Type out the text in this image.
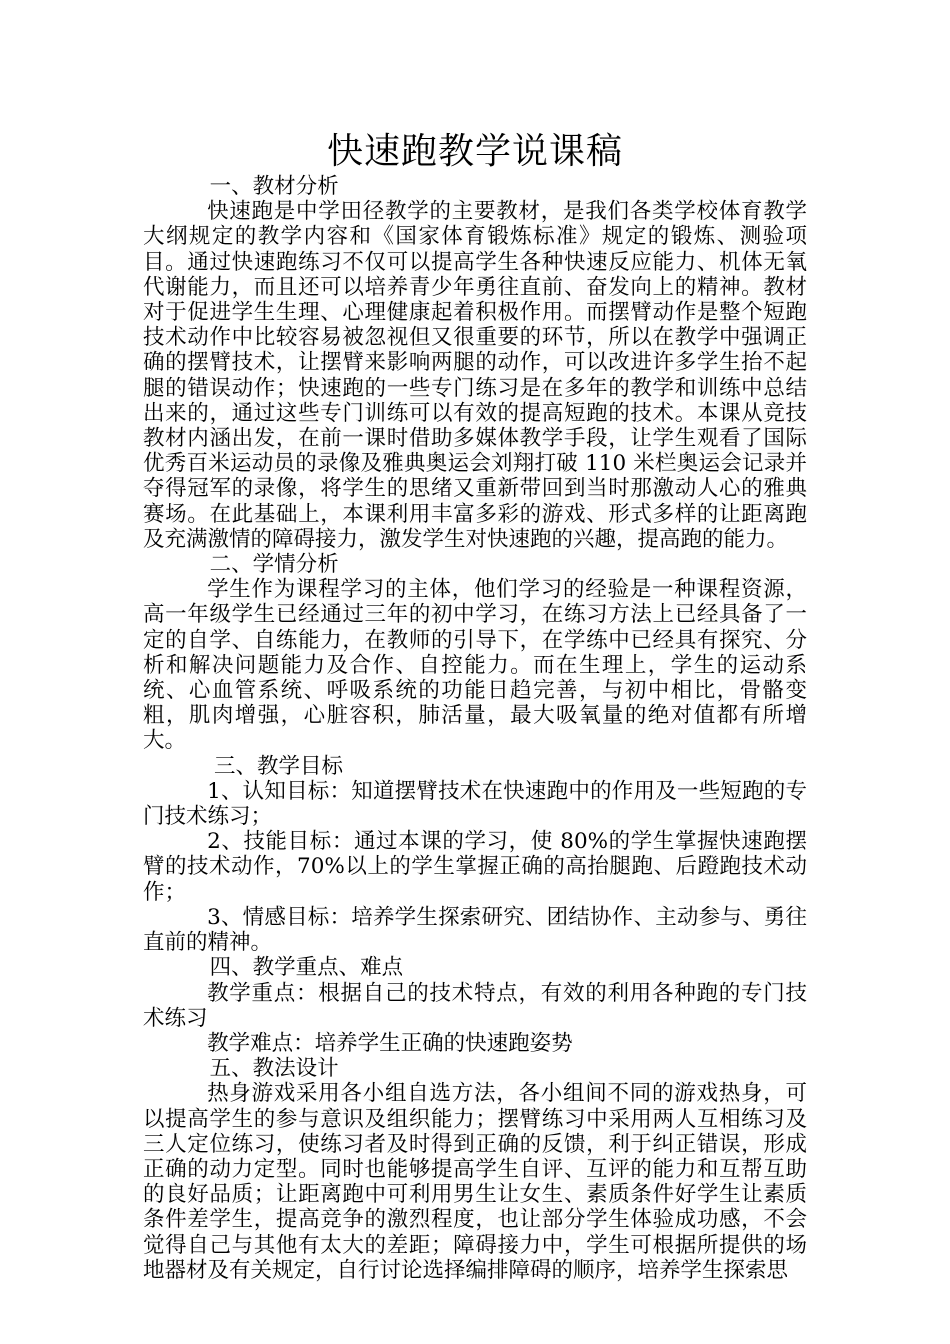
快速跑教学说课稿

一、教材分析

快速跑是中学田径教学的主要教材，是我们各类学校体育教学大纲规定的教学内容和《国家体育锻炼标准》规定的锻炼、测验项目。通过快速跑练习不仅可以提高学生各种快速反应能力、机体无氧代谢能力，而且还可以培养青少年勇往直前、奋发向上的精神。教材对于促进学生生理、心理健康起着积极作用。而摆臂动作是整个短跑技术动作中比较容易被忽视但又很重要的环节，所以在教学中强调正确的摆臂技术，让摆臂来影响两腿的动作，可以改进许多学生抬不起腿的错误动作；快速跑的一些专门练习是在多年的教学和训练中总结出来的，通过这些专门训练可以有效的提高短跑的技术。本课从竞技教材内涵出发，在前一课时借助多媒体教学手段，让学生观看了国际优秀百米运动员的录像及雅典奥运会刘翔打破 110 米栏奥运会记录并夺得冠军的录像，将学生的思绪又重新带回到当时那激动人心的雅典赛场。在此基础上，本课利用丰富多彩的游戏、形式多样的让距离跑及充满激情的障碍接力，激发学生对快速跑的兴趣，提高跑的能力。

二、学情分析

学生作为课程学习的主体，他们学习的经验是一种课程资源，高一年级学生已经通过三年的初中学习，在练习方法上已经具备了一定的自学、自练能力，在教师的引导下，在学练中已经具有探究、分析和解决问题能力及合作、自控能力。而在生理上，学生的运动系统、心血管系统、呼吸系统的功能日趋完善，与初中相比，骨骼变粗，肌肉增强，心脏容积，肺活量，最大吸氧量的绝对值都有所增大。

三、教学目标

1、认知目标：知道摆臂技术在快速跑中的作用及一些短跑的专门技术练习；

2、技能目标：通过本课的学习，使 80%的学生掌握快速跑摆臂的技术动作，70%以上的学生掌握正确的高抬腿跑、后蹬跑技术动作；

3、情感目标：培养学生探索研究、团结协作、主动参与、勇往直前的精神。

四、教学重点、难点

教学重点：根据自己的技术特点，有效的利用各种跑的专门技术练习

教学难点：培养学生正确的快速跑姿势

五、教法设计

热身游戏采用各小组自选方法，各小组间不同的游戏热身，可以提高学生的参与意识及组织能力；摆臂练习中采用两人互相练习及三人定位练习，使练习者及时得到正确的反馈，利于纠正错误，形成正确的动力定型。同时也能够提高学生自评、互评的能力和互帮互助的良好品质；让距离跑中可利用男生让女生、素质条件好学生让素质条件差学生，提高竞争的激烈程度，也让部分学生体验成功感，不会觉得自己与其他有太大的差距；障碍接力中，学生可根据所提供的场地器材及有关规定，自行讨论选择编排障碍的顺序，培养学生探索思
